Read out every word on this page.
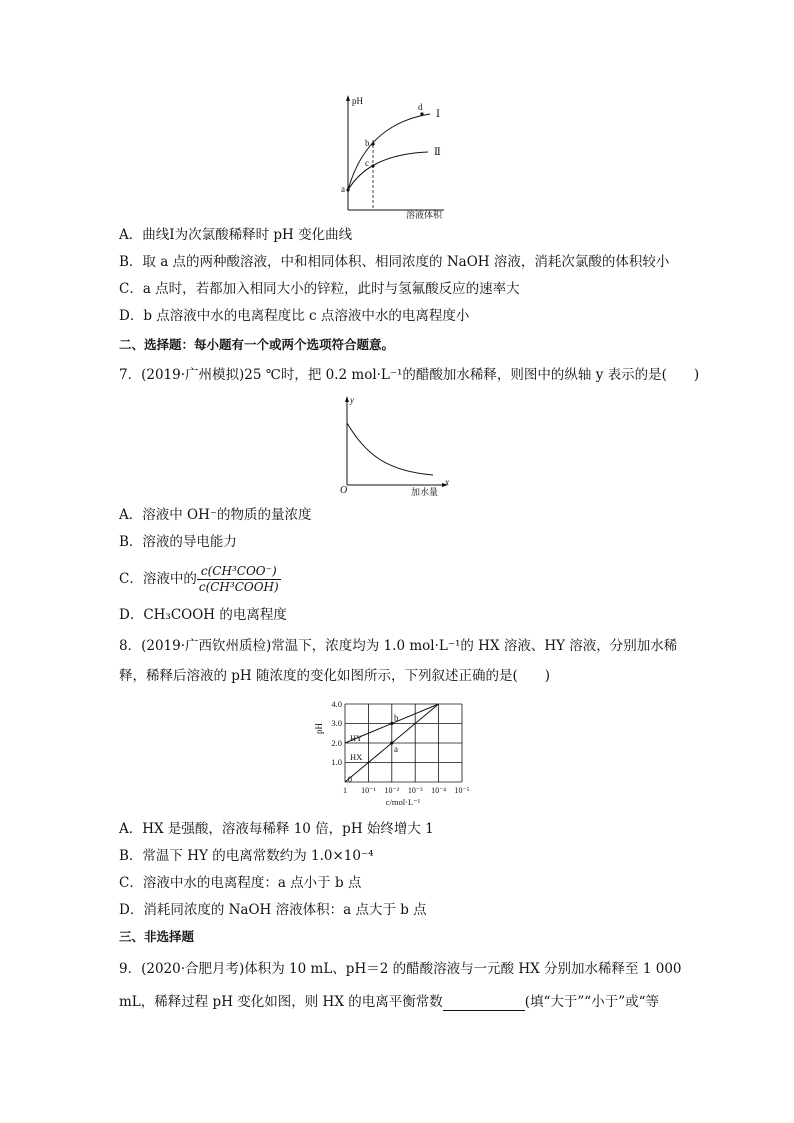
pH
溶液体积
a
b
c
d
Ⅰ
Ⅱ
A．曲线Ⅰ为次氯酸稀释时 pH 变化曲线
B．取 a 点的两种酸溶液，中和相同体积、相同浓度的 NaOH 溶液，消耗次氯酸的体积较小
C．a 点时，若都加入相同大小的锌粒，此时与氢氟酸反应的速率大
D．b 点溶液中水的电离程度比 c 点溶液中水的电离程度小
二、选择题：每小题有一个或两个选项符合题意。
7．(2019·广州模拟)25 ℃时，把 0.2 mol·L⁻¹的醋酸加水稀释，则图中的纵轴 y 表示的是(　　)
y
x
O	加水量
A．溶液中 OH⁻的物质的量浓度
B．溶液的导电能力
C．溶液中的 $\frac{\text{c(CH³COO⁻)}}{\text{c(CH³COOH)}}$
D．CH₃COOH 的电离程度
8．(2019·广西钦州质检)常温下，浓度均为 1.0 mol·L⁻¹的 HX 溶液、HY 溶液，分别加水稀
释，稀释后溶液的 pH 随浓度的变化如图所示，下列叙述正确的是(　　)
b
a
HY
HX
0
1.0
2.0
3.0
4.0
pH
1 10⁻¹ 10⁻² 10⁻³ 10⁻⁴ 10⁻⁵
c/mol·L⁻¹
A．HX 是强酸，溶液每稀释 10 倍，pH 始终增大 1
B．常温下 HY 的电离常数约为 1.0×10⁻⁴
C．溶液中水的电离程度：a 点小于 b 点
D．消耗同浓度的 NaOH 溶液体积：a 点大于 b 点
三、非选择题
9．(2020·合肥月考)体积为 10 mL、pH＝2 的醋酸溶液与一元酸 HX 分别加水稀释至 1 000
mL，稀释过程 pH 变化如图，则 HX 的电离平衡常数	(填“大于”“小于”或“等
